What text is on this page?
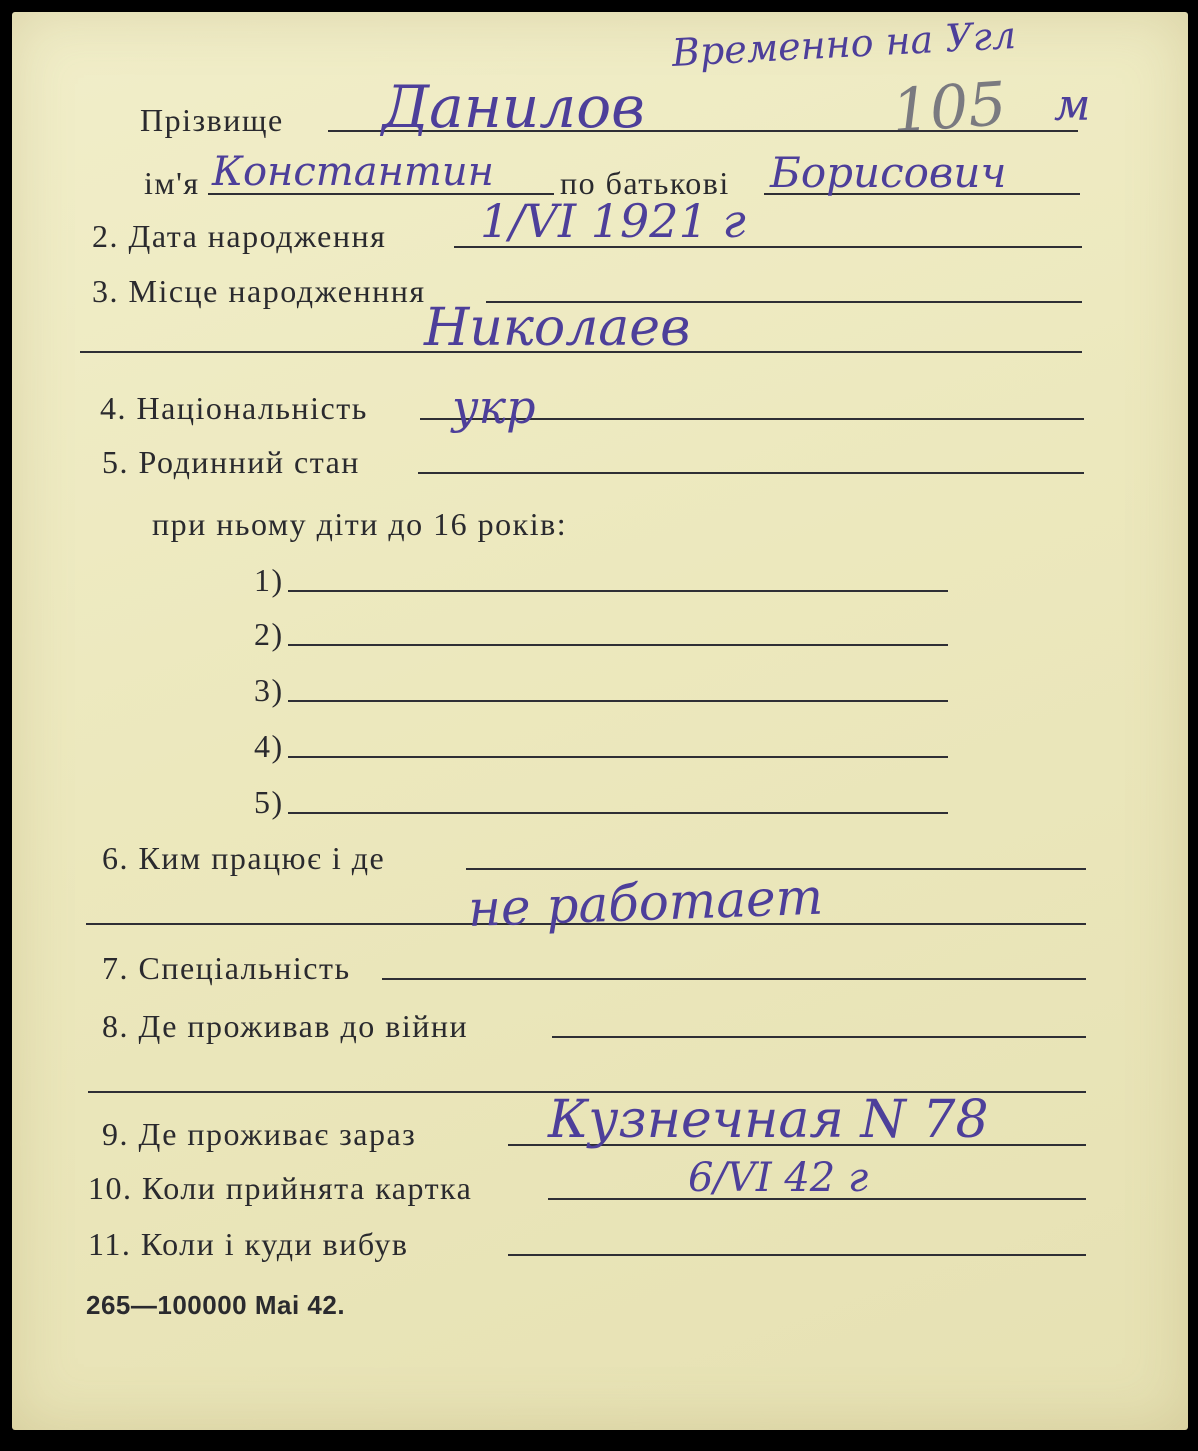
Временно на Угл
105 м
Прізвище Данилов
ім'я Константин по батькові Борисович
2. Дата народження 1/VI 1921 г
3. Місце народженння
Николаев
4. Національність укр
5. Родинний стан
при ньому діти до 16 років:
1)
2)
3)
4)
5)
6. Ким працює і де
не работает
7. Спеціальність
8. Де проживав до війни
9. Де проживає зараз	Кузнечная N 78
10. Коли прийнята картка	6/VI 42 г
11. Коли і куди вибув
265—100000 Mai 42.
